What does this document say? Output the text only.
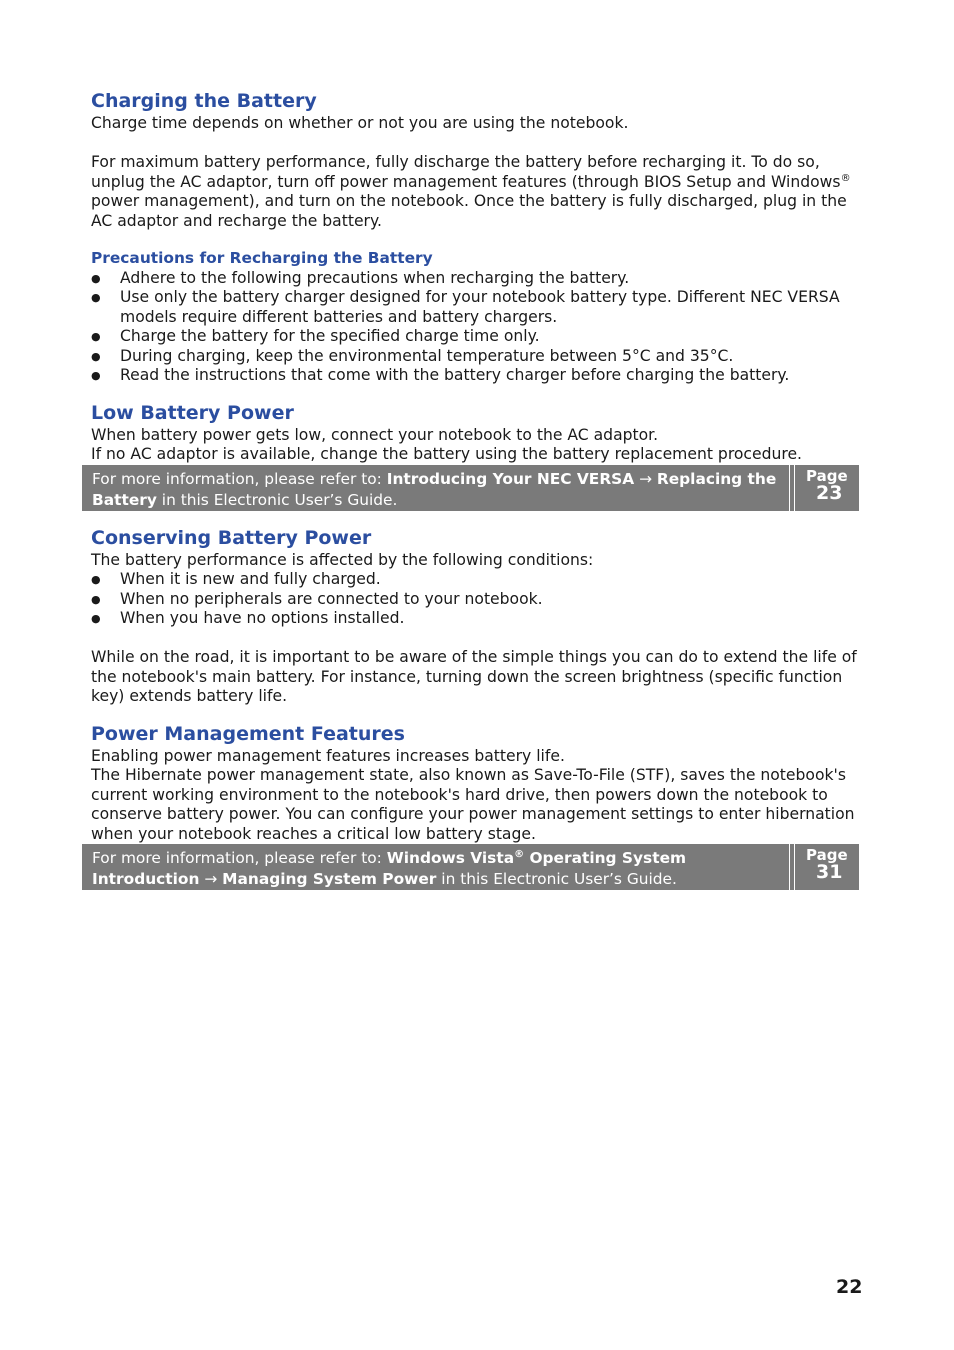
Charging the Battery

Charge time depends on whether or not you are using the notebook.

For maximum battery performance, fully discharge the battery before recharging it. To do so, unplug the AC adaptor, turn off power management features (through BIOS Setup and Windows® power management), and turn on the notebook. Once the battery is fully discharged, plug in the AC adaptor and recharge the battery.

Precautions for Recharging the Battery
● Adhere to the following precautions when recharging the battery.
● Use only the battery charger designed for your notebook battery type. Different NEC VERSA models require different batteries and battery chargers.
● Charge the battery for the specified charge time only.
● During charging, keep the environmental temperature between 5°C and 35°C.
● Read the instructions that come with the battery charger before charging the battery.
Low Battery Power

When battery power gets low, connect your notebook to the AC adaptor.

If no AC adaptor is available, change the battery using the battery replacement procedure.

For more information, please refer to: Introducing Your NEC VERSA → Replacing the Battery in this Electronic User’s Guide.
Page
23
Conserving Battery Power

The battery performance is affected by the following conditions:

● When it is new and fully charged.
● When no peripherals are connected to your notebook.
● When you have no options installed.

While on the road, it is important to be aware of the simple things you can do to extend the life of the notebook's main battery. For instance, turning down the screen brightness (specific function key) extends battery life.

Power Management Features

Enabling power management features increases battery life.

The Hibernate power management state, also known as Save-To-File (STF), saves the notebook's current working environment to the notebook's hard drive, then powers down the notebook to conserve battery power. You can configure your power management settings to enter hibernation when your notebook reaches a critical low battery stage.

For more information, please refer to: Windows Vista® Operating System Introduction → Managing System Power in this Electronic User’s Guide.
Page
31
22
